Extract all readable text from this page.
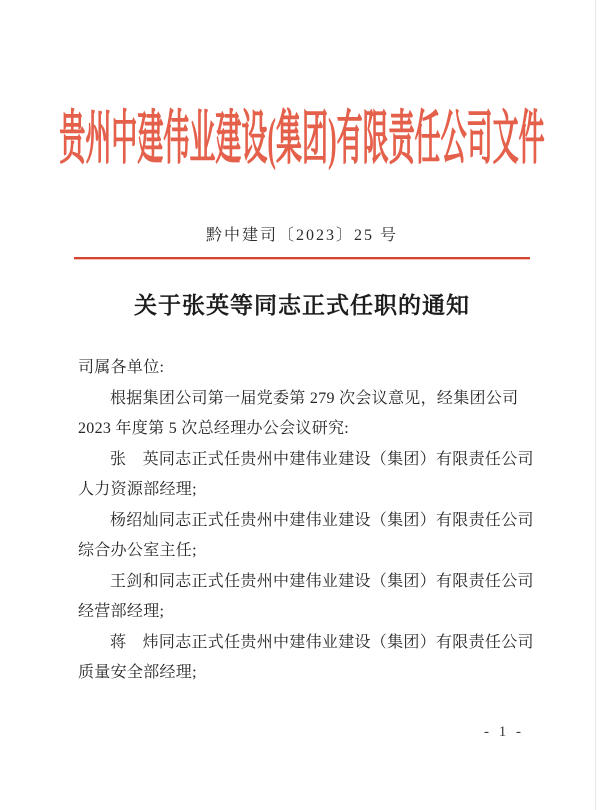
贵州中建伟业建设(集团)有限责任公司文件
黔中建司〔2023〕25 号
关于张英等同志正式任职的通知
司属各单位:
根据集团公司第一届党委第 279 次会议意见，经集团公司
2023 年度第 5 次总经理办公会议研究:
张　英同志正式任贵州中建伟业建设（集团）有限责任公司
人力资源部经理;
杨绍灿同志正式任贵州中建伟业建设（集团）有限责任公司
综合办公室主任;
王剑和同志正式任贵州中建伟业建设（集团）有限责任公司
经营部经理;
蒋　炜同志正式任贵州中建伟业建设（集团）有限责任公司
质量安全部经理;
- 1 -
